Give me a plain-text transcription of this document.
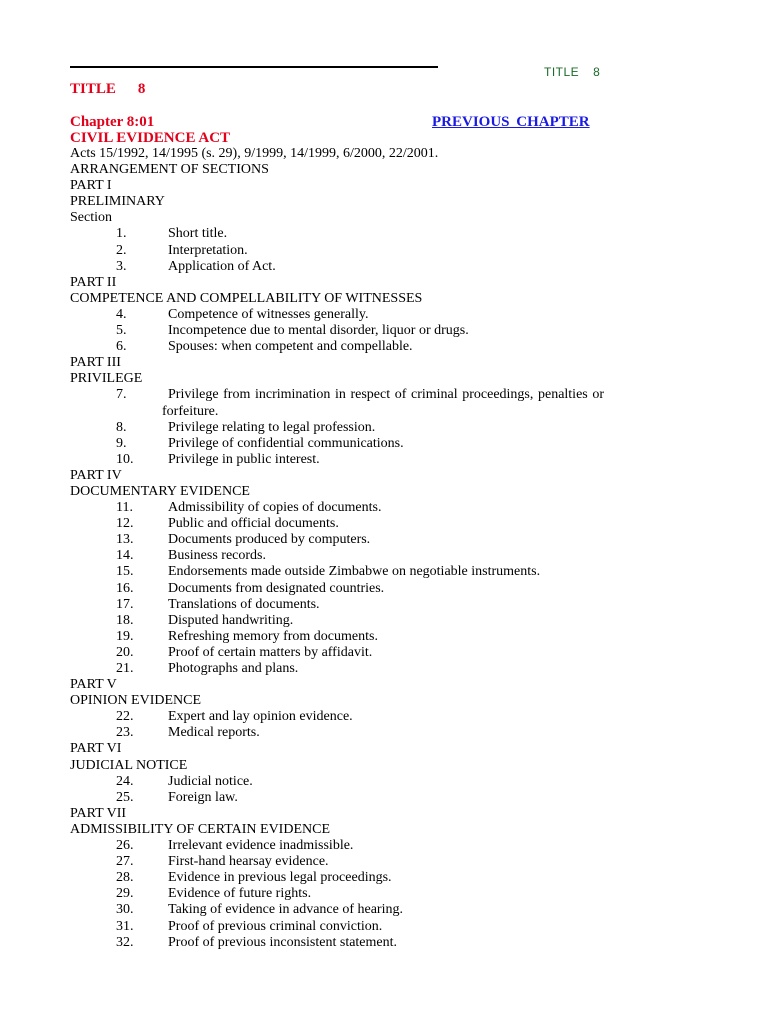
TITLE 8
TITLE 8
Chapter 8:01	PREVIOUS CHAPTER
CIVIL EVIDENCE ACT
Acts 15/1992, 14/1995 (s. 29), 9/1999, 14/1999, 6/2000, 22/2001.
ARRANGEMENT OF SECTIONS
PART I
PRELIMINARY
Section
1.	Short title.
2.	Interpretation.
3.	Application of Act.
PART II
COMPETENCE AND COMPELLABILITY OF WITNESSES
4.	Competence of witnesses generally.
5.	Incompetence due to mental disorder, liquor or drugs.
6.	Spouses: when competent and compellable.
PART III
PRIVILEGE
7.	Privilege from incrimination in respect of criminal proceedings, penalties or forfeiture.
8.	Privilege relating to legal profession.
9.	Privilege of confidential communications.
10. Privilege in public interest.
PART IV
DOCUMENTARY EVIDENCE
11.	Admissibility of copies of documents.
12. Public and official documents.
13. Documents produced by computers.
14. Business records.
15. Endorsements made outside Zimbabwe on negotiable instruments.
16. Documents from designated countries.
17. Translations of documents.
18. Disputed handwriting.
19. Refreshing memory from documents.
20. Proof of certain matters by affidavit.
21. Photographs and plans.
PART V
OPINION EVIDENCE
22. Expert and lay opinion evidence.
23. Medical reports.
PART VI
JUDICIAL NOTICE
24. Judicial notice.
25. Foreign law.
PART VII
ADMISSIBILITY OF CERTAIN EVIDENCE
26. Irrelevant evidence inadmissible.
27. First-hand hearsay evidence.
28. Evidence in previous legal proceedings.
29. Evidence of future rights.
30. Taking of evidence in advance of hearing.
31. Proof of previous criminal conviction.
32. Proof of previous inconsistent statement.
